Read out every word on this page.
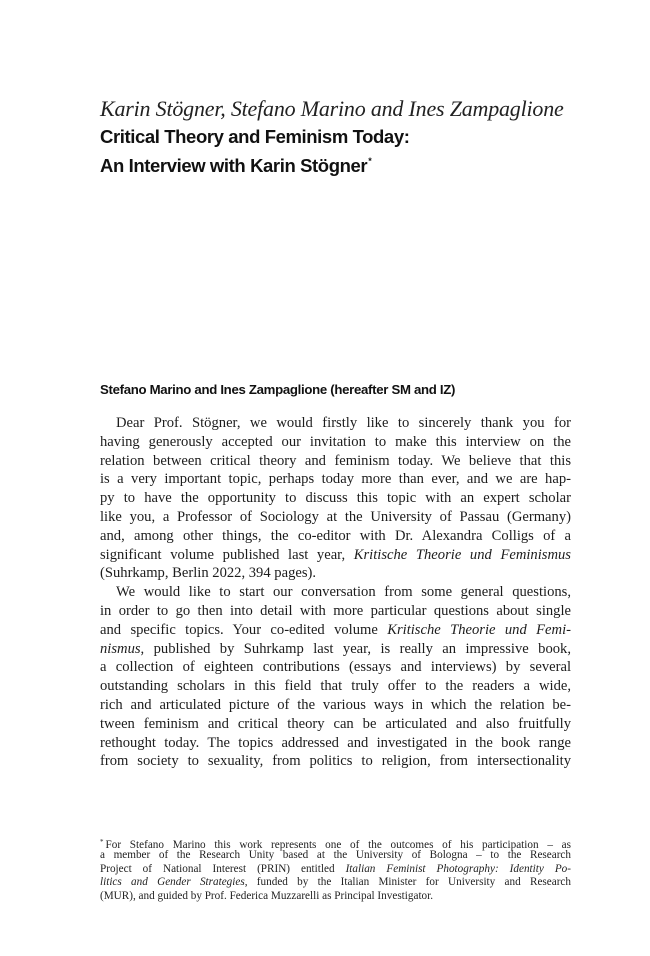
Karin Stögner, Stefano Marino and Ines Zampaglione
Critical Theory and Feminism Today:
An Interview with Karin Stögner*
Stefano Marino and Ines Zampaglione (hereafter SM and IZ)
Dear Prof. Stögner, we would firstly like to sincerely thank you for
having generously accepted our invitation to make this interview on the
relation between critical theory and feminism today. We believe that this
is a very important topic, perhaps today more than ever, and we are hap-
py to have the opportunity to discuss this topic with an expert scholar
like you, a Professor of Sociology at the University of Passau (Germany)
and, among other things, the co-editor with Dr. Alexandra Colligs of a
significant volume published last year, Kritische Theorie und Feminismus
(Suhrkamp, Berlin 2022, 394 pages).
We would like to start our conversation from some general questions,
in order to go then into detail with more particular questions about single
and specific topics. Your co-edited volume Kritische Theorie und Femi-
nismus, published by Suhrkamp last year, is really an impressive book,
a collection of eighteen contributions (essays and interviews) by several
outstanding scholars in this field that truly offer to the readers a wide,
rich and articulated picture of the various ways in which the relation be-
tween feminism and critical theory can be articulated and also fruitfully
rethought today. The topics addressed and investigated in the book range
from society to sexuality, from politics to religion, from intersectionality
* For Stefano Marino this work represents one of the outcomes of his participation – as
a member of the Research Unity based at the University of Bologna – to the Research
Project of National Interest (PRIN) entitled Italian Feminist Photography: Identity Po-
litics and Gender Strategies, funded by the Italian Minister for University and Research
(MUR), and guided by Prof. Federica Muzzarelli as Principal Investigator.
